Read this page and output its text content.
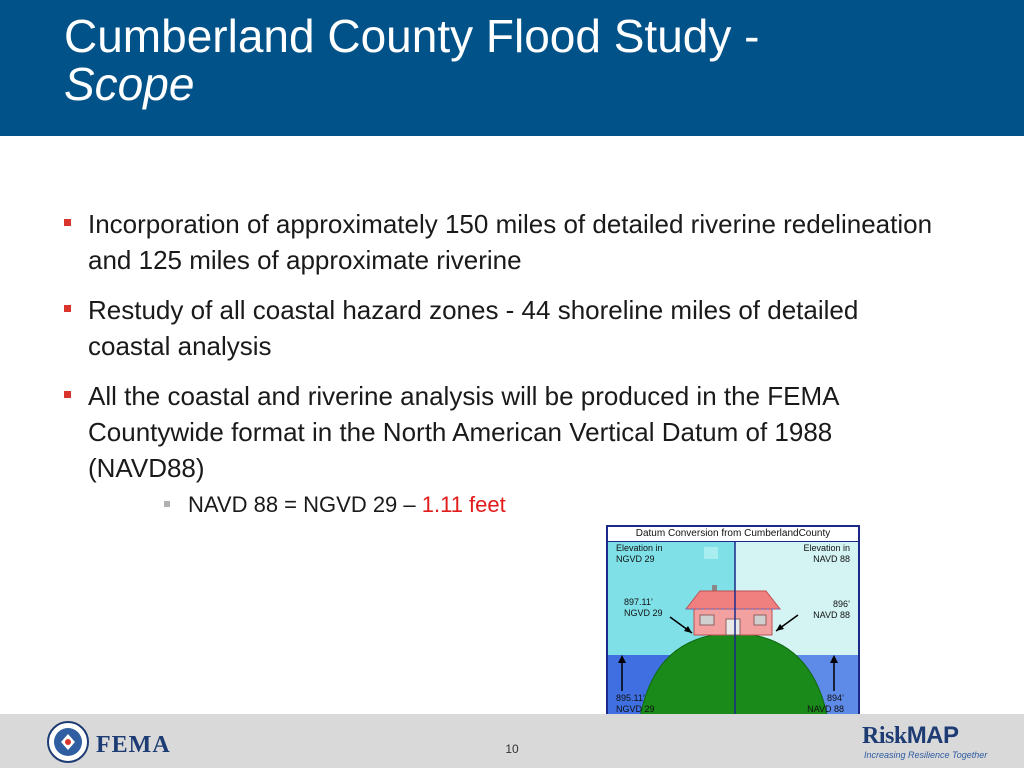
Cumberland County Flood Study -
Scope
Incorporation of approximately 150 miles of detailed riverine redelineation and 125 miles of approximate riverine
Restudy of all coastal hazard zones - 44 shoreline miles of detailed coastal analysis
All the coastal and riverine analysis will be produced in the FEMA Countywide format in the North American Vertical Datum of 1988 (NAVD88)
NAVD 88 = NGVD 29 – 1.11 feet
Datum Conversion from CumberlandCounty
Elevation in
NGVD 29
Elevation in
NAVD 88
897.11’
NGVD 29
896’
NAVD 88
895.11’
NGVD 29
894’
NAVD 88
FEMA	10	RiskMAP
Increasing Resilience Together
